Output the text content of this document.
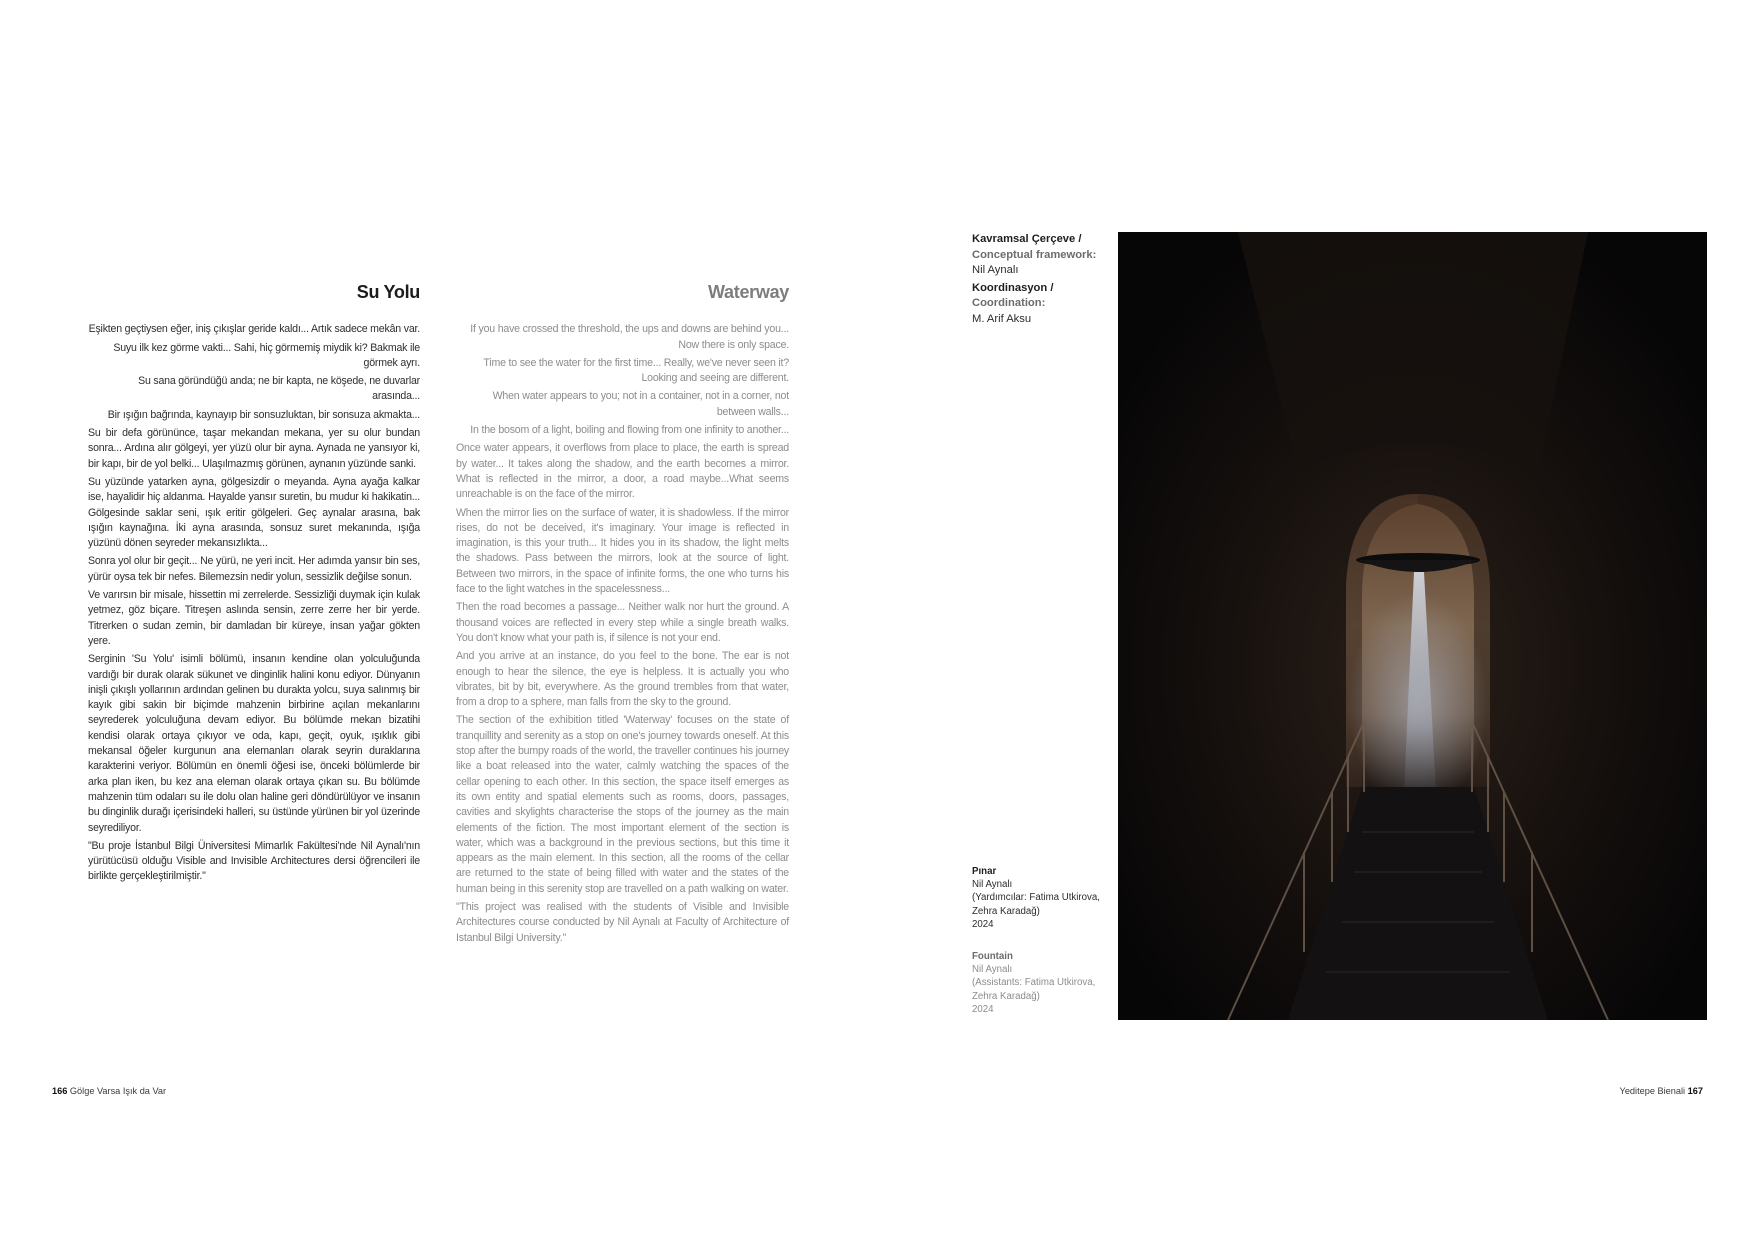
Su Yolu

Eşikten geçtiysen eğer, iniş çıkışlar geride kaldı... Artık sadece mekân var.

Suyu ilk kez görme vakti... Sahi, hiç görmemiş miydik ki? Bakmak ile görmek ayrı.

Su sana göründüğü anda; ne bir kapta, ne köşede, ne duvarlar arasında...

Bir ışığın bağrında, kaynayıp bir sonsuzluktan, bir sonsuza akmakta...

Su bir defa görününce, taşar mekandan mekana, yer su olur bundan sonra... Ardına alır gölgeyi, yer yüzü olur bir ayna. Aynada ne yansıyor ki, bir kapı, bir de yol belki... Ulaşılmazmış görünen, aynanın yüzünde sanki.

Su yüzünde yatarken ayna, gölgesizdir o meyanda. Ayna ayağa kalkar ise, hayalidir hiç aldanma. Hayalde yansır suretin, bu mudur ki hakikatin... Gölgesinde saklar seni, ışık eritir gölgeleri. Geç aynalar arasına, bak ışığın kaynağına. İki ayna arasında, sonsuz suret mekanında, ışığa yüzünü dönen seyreder mekansızlıkta...

Sonra yol olur bir geçit... Ne yürü, ne yeri incit. Her adımda yansır bin ses, yürür oysa tek bir nefes. Bilemezsin nedir yolun, sessizlik değilse sonun.

Ve varırsın bir misale, hissettin mi zerrelerde. Sessizliği duymak için kulak yetmez, göz biçare. Titreşen aslında sensin, zerre zerre her bir yerde. Titrerken o sudan zemin, bir damladan bir küreye, insan yağar gökten yere.

Serginin 'Su Yolu' isimli bölümü, insanın kendine olan yolculuğunda vardığı bir durak olarak sükunet ve dinginlik halini konu ediyor. Dünyanın inişli çıkışlı yollarının ardından gelinen bu durakta yolcu, suya salınmış bir kayık gibi sakin bir biçimde mahzenin birbirine açılan mekanlarını seyrederek yolculuğuna devam ediyor. Bu bölümde mekan bizatihi kendisi olarak ortaya çıkıyor ve oda, kapı, geçit, oyuk, ışıklık gibi mekansal öğeler kurgunun ana elemanları olarak seyrin duraklarına karakterini veriyor. Bölümün en önemli öğesi ise, önceki bölümlerde bir arka plan iken, bu kez ana eleman olarak ortaya çıkan su. Bu bölümde mahzenin tüm odaları su ile dolu olan haline geri döndürülüyor ve insanın bu dinginlik durağı içerisindeki halleri, su üstünde yürünen bir yol üzerinde seyrediliyor.

"Bu proje İstanbul Bilgi Üniversitesi Mimarlık Fakültesi'nde Nil Aynalı'nın yürütücüsü olduğu Visible and Invisible Architectures dersi öğrencileri ile birlikte gerçekleştirilmiştir."

Waterway

If you have crossed the threshold, the ups and downs are behind you... Now there is only space.

Time to see the water for the first time... Really, we've never seen it? Looking and seeing are different.

When water appears to you; not in a container, not in a corner, not between walls...

In the bosom of a light, boiling and flowing from one infinity to another...

Once water appears, it overflows from place to place, the earth is spread by water... It takes along the shadow, and the earth becomes a mirror. What is reflected in the mirror, a door, a road maybe...What seems unreachable is on the face of the mirror.

When the mirror lies on the surface of water, it is shadowless. If the mirror rises, do not be deceived, it's imaginary. Your image is reflected in imagination, is this your truth... It hides you in its shadow, the light melts the shadows. Pass between the mirrors, look at the source of light. Between two mirrors, in the space of infinite forms, the one who turns his face to the light watches in the spacelessness...

Then the road becomes a passage... Neither walk nor hurt the ground. A thousand voices are reflected in every step while a single breath walks. You don't know what your path is, if silence is not your end.

And you arrive at an instance, do you feel to the bone. The ear is not enough to hear the silence, the eye is helpless. It is actually you who vibrates, bit by bit, everywhere. As the ground trembles from that water, from a drop to a sphere, man falls from the sky to the ground.

The section of the exhibition titled 'Waterway' focuses on the state of tranquillity and serenity as a stop on one's journey towards oneself. At this stop after the bumpy roads of the world, the traveller continues his journey like a boat released into the water, calmly watching the spaces of the cellar opening to each other. In this section, the space itself emerges as its own entity and spatial elements such as rooms, doors, passages, cavities and skylights characterise the stops of the journey as the main elements of the fiction. The most important element of the section is water, which was a background in the previous sections, but this time it appears as the main element. In this section, all the rooms of the cellar are returned to the state of being filled with water and the states of the human being in this serenity stop are travelled on a path walking on water.

"This project was realised with the students of Visible and Invisible Architectures course conducted by Nil Aynalı at Faculty of Architecture of Istanbul Bilgi University."

Kavramsal Çerçeve /
Conceptual framework:
Nil Aynalı
Koordinasyon /
Coordination:
M. Arif Aksu
Pınar
Nil Aynalı
(Yardımcılar: Fatima Utkirova, Zehra Karadağ)
2024
Fountain
Nil Aynalı
(Assistants: Fatima Utkirova, Zehra Karadağ)
2024
166 Gölge Varsa Işık da Var	Yeditepe Bienali 167
